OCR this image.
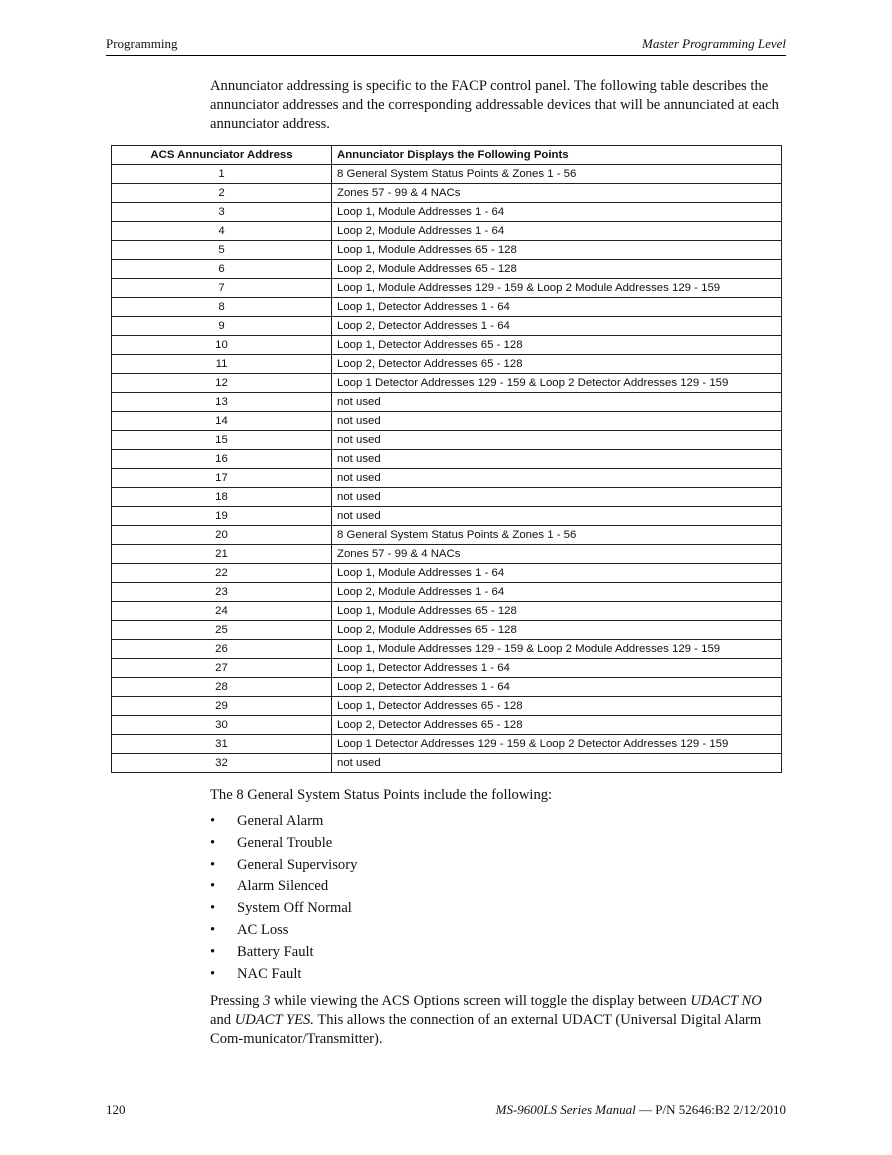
Programming	Master Programming Level

Annunciator addressing is specific to the FACP control panel. The following table describes the annunciator addresses and the corresponding addressable devices that will be annunciated at each annunciator address.

ACS Annunciator Address	Annunciator Displays the Following Points
1	8 General System Status Points & Zones 1 - 56
2	Zones 57 - 99 & 4 NACs
3	Loop 1, Module Addresses 1 - 64
4	Loop 2, Module Addresses 1 - 64
5	Loop 1, Module Addresses 65 - 128
6	Loop 2, Module Addresses 65 - 128
7	Loop 1, Module Addresses 129 - 159 & Loop 2 Module Addresses 129 - 159
8	Loop 1, Detector Addresses 1 - 64
9	Loop 2, Detector Addresses 1 - 64
10	Loop 1, Detector Addresses 65 - 128
11	Loop 2, Detector Addresses 65 - 128
12	Loop 1 Detector Addresses 129 - 159 & Loop 2 Detector Addresses 129 - 159
13	not used
14	not used
15	not used
16	not used
17	not used
18	not used
19	not used
20	8 General System Status Points & Zones 1 - 56
21	Zones 57 - 99 & 4 NACs
22	Loop 1, Module Addresses 1 - 64
23	Loop 2, Module Addresses 1 - 64
24	Loop 1, Module Addresses 65 - 128
25	Loop 2, Module Addresses 65 - 128
26	Loop 1, Module Addresses 129 - 159 & Loop 2 Module Addresses 129 - 159
27	Loop 1, Detector Addresses 1 - 64
28	Loop 2, Detector Addresses 1 - 64
29	Loop 1, Detector Addresses 65 - 128
30	Loop 2, Detector Addresses 65 - 128
31	Loop 1 Detector Addresses 129 - 159 & Loop 2 Detector Addresses 129 - 159
32	not used

The 8 General System Status Points include the following:

• General Alarm
• General Trouble
• General Supervisory
• Alarm Silenced
• System Off Normal
• AC Loss
• Battery Fault
• NAC Fault

Pressing 3 while viewing the ACS Options screen will toggle the display between UDACT NO and UDACT YES. This allows the connection of an external UDACT (Universal Digital Alarm Com-municator/Transmitter).

120	MS-9600LS Series Manual — P/N 52646:B2 2/12/2010
